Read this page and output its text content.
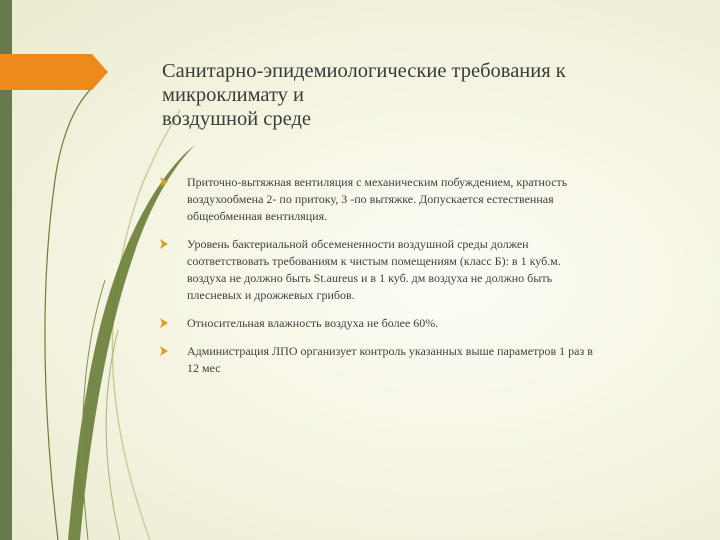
Санитарно-эпидемиологические требования к
микроклимату и
воздушной среде
Приточно-вытяжная вентиляция с механическим побуждением, кратность
воздухообмена 2- по притоку, 3 -по вытяжке. Допускается естественная
общеобменная вентиляция.
Уровень бактериальной обсемененности воздушной среды должен
соответствовать требованиям к чистым помещениям (класс Б): в 1 куб.м.
воздуха не должно быть St.aureus и в 1 куб. дм воздуха не должно быть
плесневых и дрожжевых грибов.
Относительная влажность воздуха не более 60%.
Администрация ЛПО организует контроль указанных выше параметров 1 раз в
12 мес
